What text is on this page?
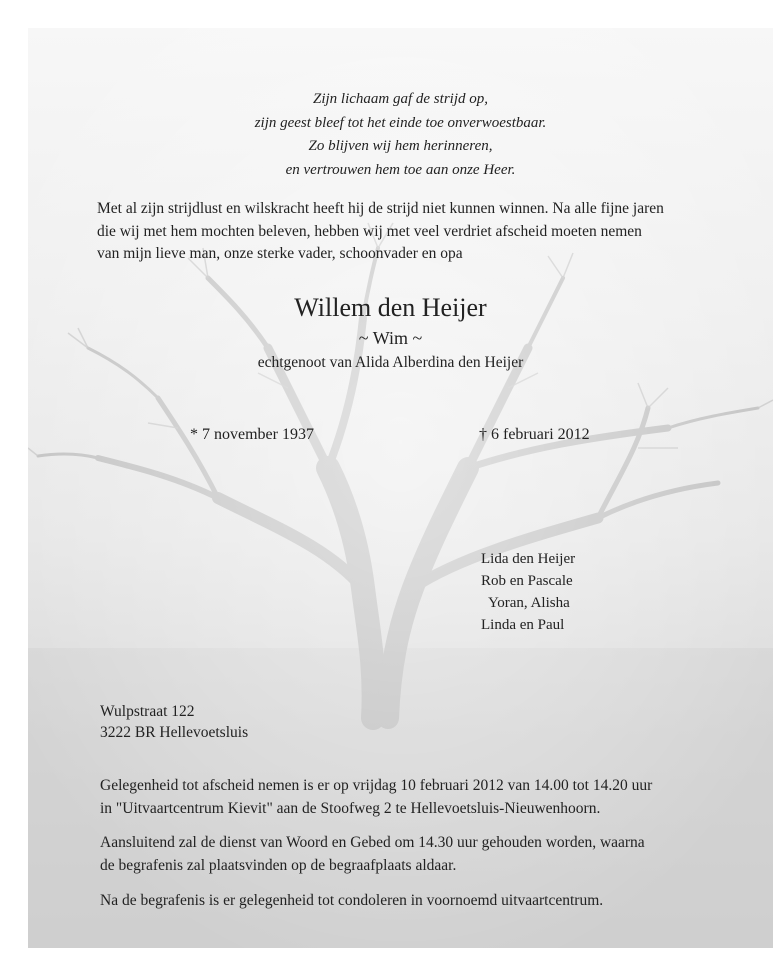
Zijn lichaam gaf de strijd op,
zijn geest bleef tot het einde toe onverwoestbaar.
Zo blijven wij hem herinneren,
en vertrouwen hem toe aan onze Heer.
Met al zijn strijdlust en wilskracht heeft hij de strijd niet kunnen winnen. Na alle fijne jaren
die wij met hem mochten beleven, hebben wij met veel verdriet afscheid moeten nemen
van mijn lieve man, onze sterke vader, schoonvader en opa
Willem den Heijer
~ Wim ~
echtgenoot van Alida Alberdina den Heijer
* 7 november 1937	† 6 februari 2012
Lida den Heijer
Rob en Pascale
Yoran, Alisha
Linda en Paul
Wulpstraat 122
3222 BR Hellevoetsluis
Gelegenheid tot afscheid nemen is er op vrijdag 10 februari 2012 van 14.00 tot 14.20 uur
in "Uitvaartcentrum Kievit" aan de Stoofweg 2 te Hellevoetsluis-Nieuwenhoorn.
Aansluitend zal de dienst van Woord en Gebed om 14.30 uur gehouden worden, waarna
de begrafenis zal plaatsvinden op de begraafplaats aldaar.
Na de begrafenis is er gelegenheid tot condoleren in voornoemd uitvaartcentrum.
